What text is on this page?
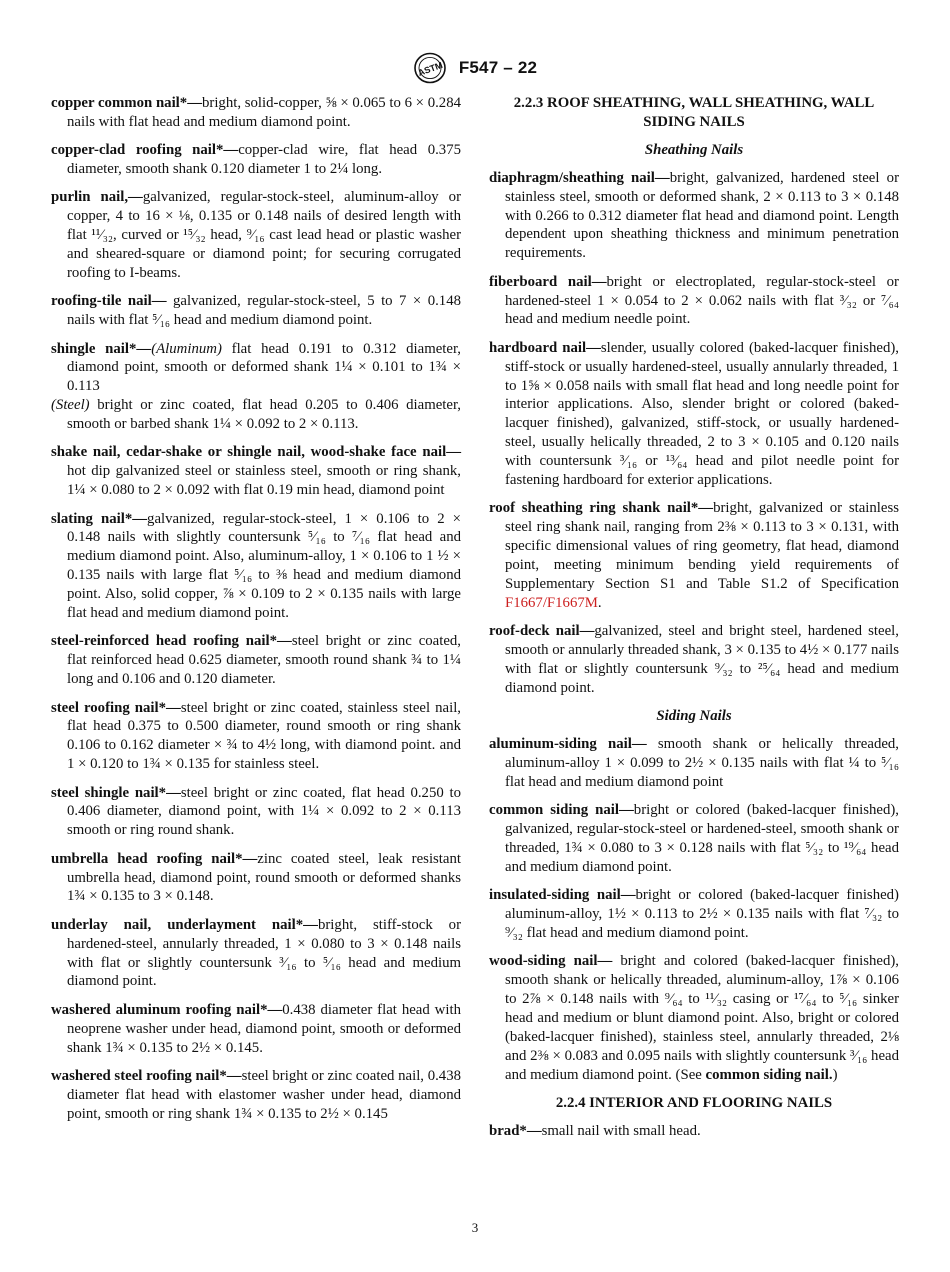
ASTM F547 – 22

copper common nail*—bright, solid-copper, ⅝ × 0.065 to 6 × 0.284 nails with flat head and medium diamond point.

copper-clad roofing nail*—copper-clad wire, flat head 0.375 diameter, smooth shank 0.120 diameter 1 to 2¼ long.

purlin nail,—galvanized, regular-stock-steel, aluminum-alloy or copper, 4 to 16 × ⅛, 0.135 or 0.148 nails of desired length with flat ¹¹⁄₃₂, curved or ¹⁵⁄₃₂ head, ⁹⁄₁₆ cast lead head or plastic washer and sheared-square or diamond point; for securing corrugated roofing to I-beams.

roofing-tile nail— galvanized, regular-stock-steel, 5 to 7 × 0.148 nails with flat ⁵⁄₁₆ head and medium diamond point.

shingle nail*—(Aluminum) flat head 0.191 to 0.312 diameter, diamond point, smooth or deformed shank 1¼ × 0.101 to 1¾ × 0.113
(Steel) bright or zinc coated, flat head 0.205 to 0.406 diameter, smooth or barbed shank 1¼ × 0.092 to 2 × 0.113.

shake nail, cedar-shake or shingle nail, wood-shake face nail—hot dip galvanized steel or stainless steel, smooth or ring shank, 1¼ × 0.080 to 2 × 0.092 with flat 0.19 min head, diamond point

slating nail*—galvanized, regular-stock-steel, 1 × 0.106 to 2 × 0.148 nails with slightly countersunk ⁵⁄₁₆ to ⁷⁄₁₆ flat head and medium diamond point. Also, aluminum-alloy, 1 × 0.106 to 1 ½ × 0.135 nails with large flat ⁵⁄₁₆ to ⅜ head and medium diamond point. Also, solid copper, ⅞ × 0.109 to 2 × 0.135 nails with large flat head and medium diamond point.

steel-reinforced head roofing nail*—steel bright or zinc coated, flat reinforced head 0.625 diameter, smooth round shank ¾ to 1¼ long and 0.106 and 0.120 diameter.

steel roofing nail*—steel bright or zinc coated, stainless steel nail, flat head 0.375 to 0.500 diameter, round smooth or ring shank 0.106 to 0.162 diameter × ¾ to 4½ long, with diamond point. and 1 × 0.120 to 1¾ × 0.135 for stainless steel.

steel shingle nail*—steel bright or zinc coated, flat head 0.250 to 0.406 diameter, diamond point, with 1¼ × 0.092 to 2 × 0.113 smooth or ring round shank.

umbrella head roofing nail*—zinc coated steel, leak resistant umbrella head, diamond point, round smooth or deformed shanks 1¾ × 0.135 to 3 × 0.148.

underlay nail, underlayment nail*—bright, stiff-stock or hardened-steel, annularly threaded, 1 × 0.080 to 3 × 0.148 nails with flat or slightly countersunk ³⁄₁₆ to ⁵⁄₁₆ head and medium diamond point.

washered aluminum roofing nail*—0.438 diameter flat head with neoprene washer under head, diamond point, smooth or deformed shank 1¾ × 0.135 to 2½ × 0.145.

washered steel roofing nail*—steel bright or zinc coated nail, 0.438 diameter flat head with elastomer washer under head, diamond point, smooth or ring shank 1¾ × 0.135 to 2½ × 0.145

2.2.3 ROOF SHEATHING, WALL SHEATHING, WALL SIDING NAILS
Sheathing Nails

diaphragm/sheathing nail—bright, galvanized, hardened steel or stainless steel, smooth or deformed shank, 2 × 0.113 to 3 × 0.148 with 0.266 to 0.312 diameter flat head and diamond point. Length dependent upon sheathing thickness and minimum penetration requirements.

fiberboard nail—bright or electroplated, regular-stock-steel or hardened-steel 1 × 0.054 to 2 × 0.062 nails with flat ³⁄₃₂ or ⁷⁄₆₄ head and medium needle point.

hardboard nail—slender, usually colored (baked-lacquer finished), stiff-stock or usually hardened-steel, usually annularly threaded, 1 to 1⅝ × 0.058 nails with small flat head and long needle point for interior applications. Also, slender bright or colored (baked-lacquer finished), galvanized, stiff-stock, or usually hardened-steel, usually helically threaded, 2 to 3 × 0.105 and 0.120 nails with countersunk ³⁄₁₆ or ¹³⁄₆₄ head and pilot needle point for fastening hardboard for exterior applications.

roof sheathing ring shank nail*—bright, galvanized or stainless steel ring shank nail, ranging from 2⅜ × 0.113 to 3 × 0.131, with specific dimensional values of ring geometry, flat head, diamond point, meeting minimum bending yield requirements of Supplementary Section S1 and Table S1.2 of Specification F1667/F1667M.

roof-deck nail—galvanized, steel and bright steel, hardened steel, smooth or annularly threaded shank, 3 × 0.135 to 4½ × 0.177 nails with flat or slightly countersunk ⁹⁄₃₂ to ²⁵⁄₆₄ head and medium diamond point.

Siding Nails

aluminum-siding nail— smooth shank or helically threaded, aluminum-alloy 1 × 0.099 to 2½ × 0.135 nails with flat ¼ to ⁵⁄₁₆ flat head and medium diamond point

common siding nail—bright or colored (baked-lacquer finished), galvanized, regular-stock-steel or hardened-steel, smooth shank or threaded, 1¾ × 0.080 to 3 × 0.128 nails with flat ⁵⁄₃₂ to ¹⁹⁄₆₄ head and medium diamond point.

insulated-siding nail—bright or colored (baked-lacquer finished) aluminum-alloy, 1½ × 0.113 to 2½ × 0.135 nails with flat ⁷⁄₃₂ to ⁹⁄₃₂ flat head and medium diamond point.

wood-siding nail— bright and colored (baked-lacquer finished), smooth shank or helically threaded, aluminum-alloy, 1⅞ × 0.106 to 2⅞ × 0.148 nails with ⁹⁄₆₄ to ¹¹⁄₃₂ casing or ¹⁷⁄₆₄ to ⁵⁄₁₆ sinker head and medium or blunt diamond point. Also, bright or colored (baked-lacquer finished), stainless steel, annularly threaded, 2⅛ and 2⅜ × 0.083 and 0.095 nails with slightly countersunk ³⁄₁₆ head and medium diamond point. (See common siding nail.)

2.2.4 INTERIOR AND FLOORING NAILS

brad*—small nail with small head.

3
